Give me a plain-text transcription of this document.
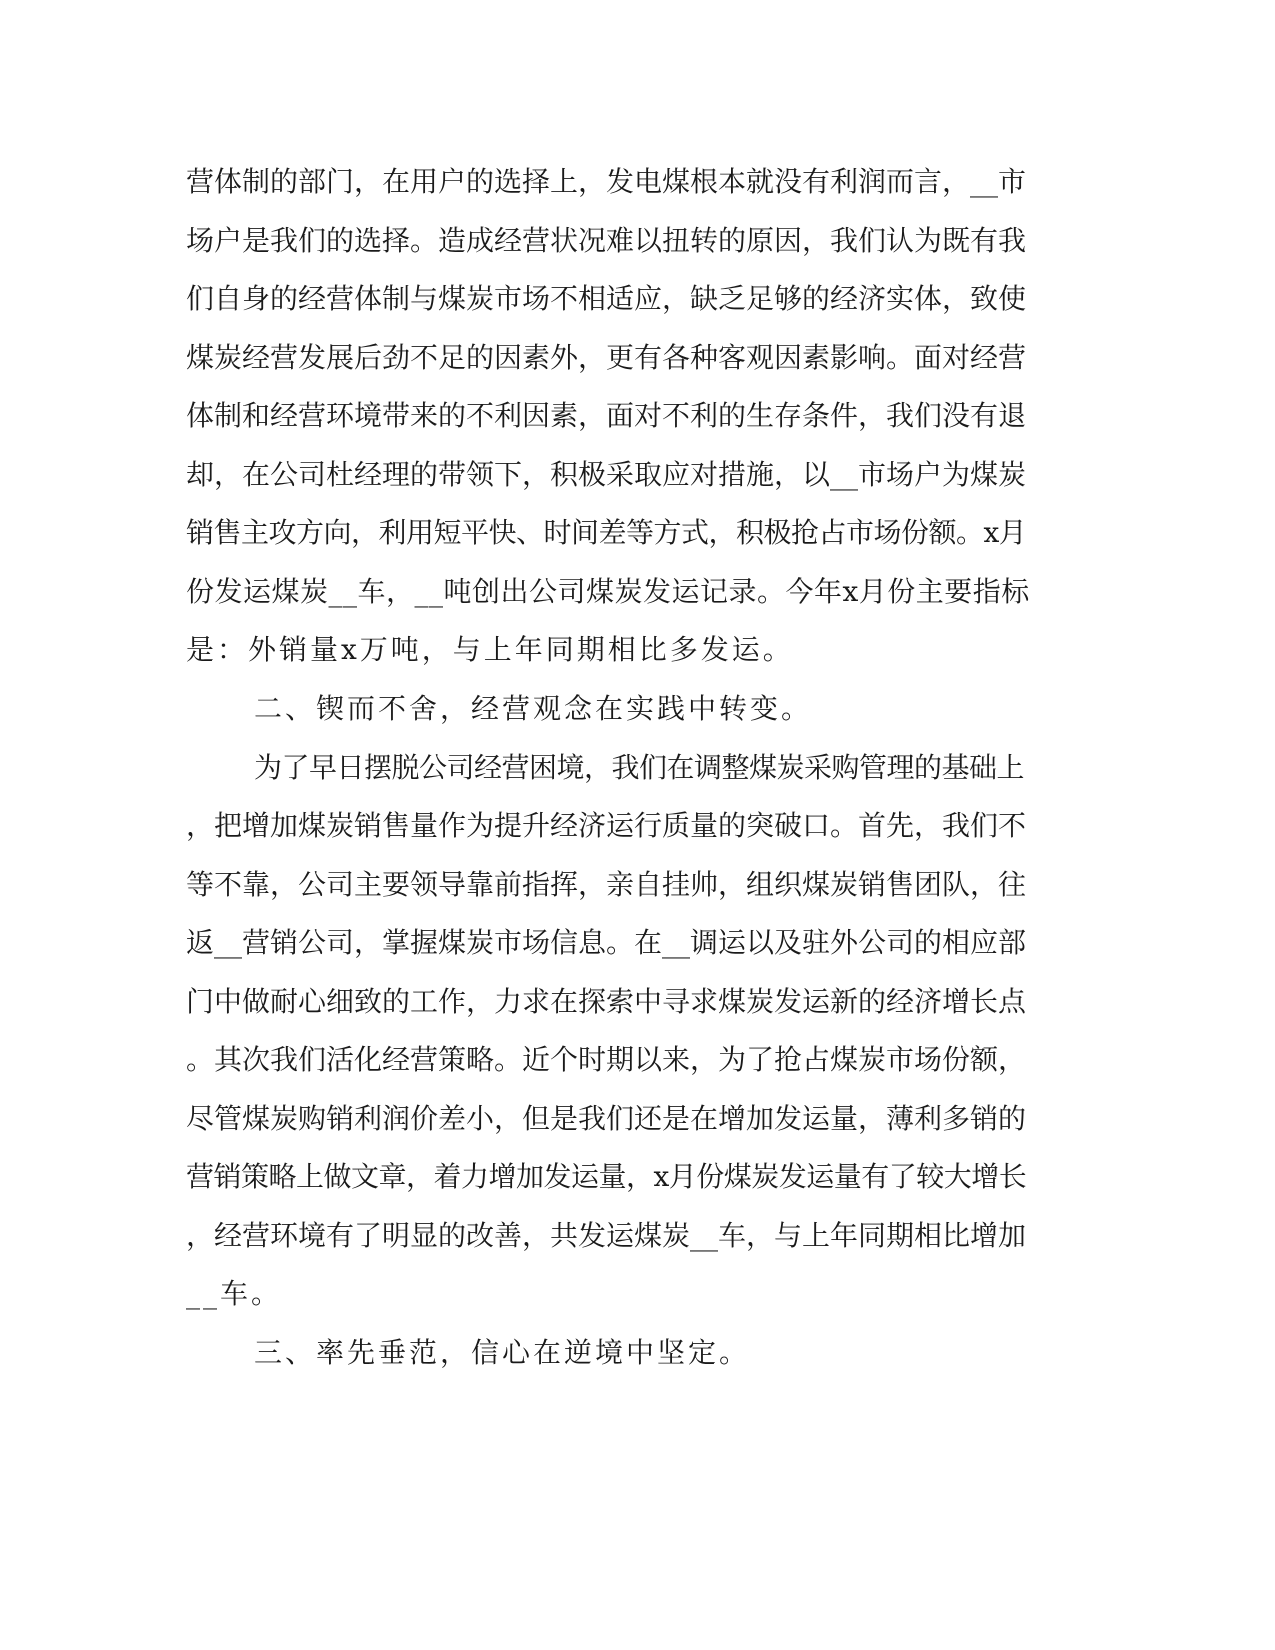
营体制的部门，在用户的选择上，发电煤根本就没有利润而言，__市
场户是我们的选择。造成经营状况难以扭转的原因，我们认为既有我
们自身的经营体制与煤炭市场不相适应，缺乏足够的经济实体，致使
煤炭经营发展后劲不足的因素外，更有各种客观因素影响。面对经营
体制和经营环境带来的不利因素，面对不利的生存条件，我们没有退
却，在公司杜经理的带领下，积极采取应对措施，以__市场户为煤炭
销售主攻方向，利用短平快、时间差等方式，积极抢占市场份额。x月
份发运煤炭__车，__吨创出公司煤炭发运记录。今年x月份主要指标
是：外销量x万吨，与上年同期相比多发运。
二、锲而不舍，经营观念在实践中转变。
为了早日摆脱公司经营困境，我们在调整煤炭采购管理的基础上
，把增加煤炭销售量作为提升经济运行质量的突破口。首先，我们不
等不靠，公司主要领导靠前指挥，亲自挂帅，组织煤炭销售团队，往
返__营销公司，掌握煤炭市场信息。在__调运以及驻外公司的相应部
门中做耐心细致的工作，力求在探索中寻求煤炭发运新的经济增长点
。其次我们活化经营策略。近个时期以来，为了抢占煤炭市场份额，
尽管煤炭购销利润价差小，但是我们还是在增加发运量，薄利多销的
营销策略上做文章，着力增加发运量，x月份煤炭发运量有了较大增长
，经营环境有了明显的改善，共发运煤炭__车，与上年同期相比增加
__车。
三、率先垂范，信心在逆境中坚定。
